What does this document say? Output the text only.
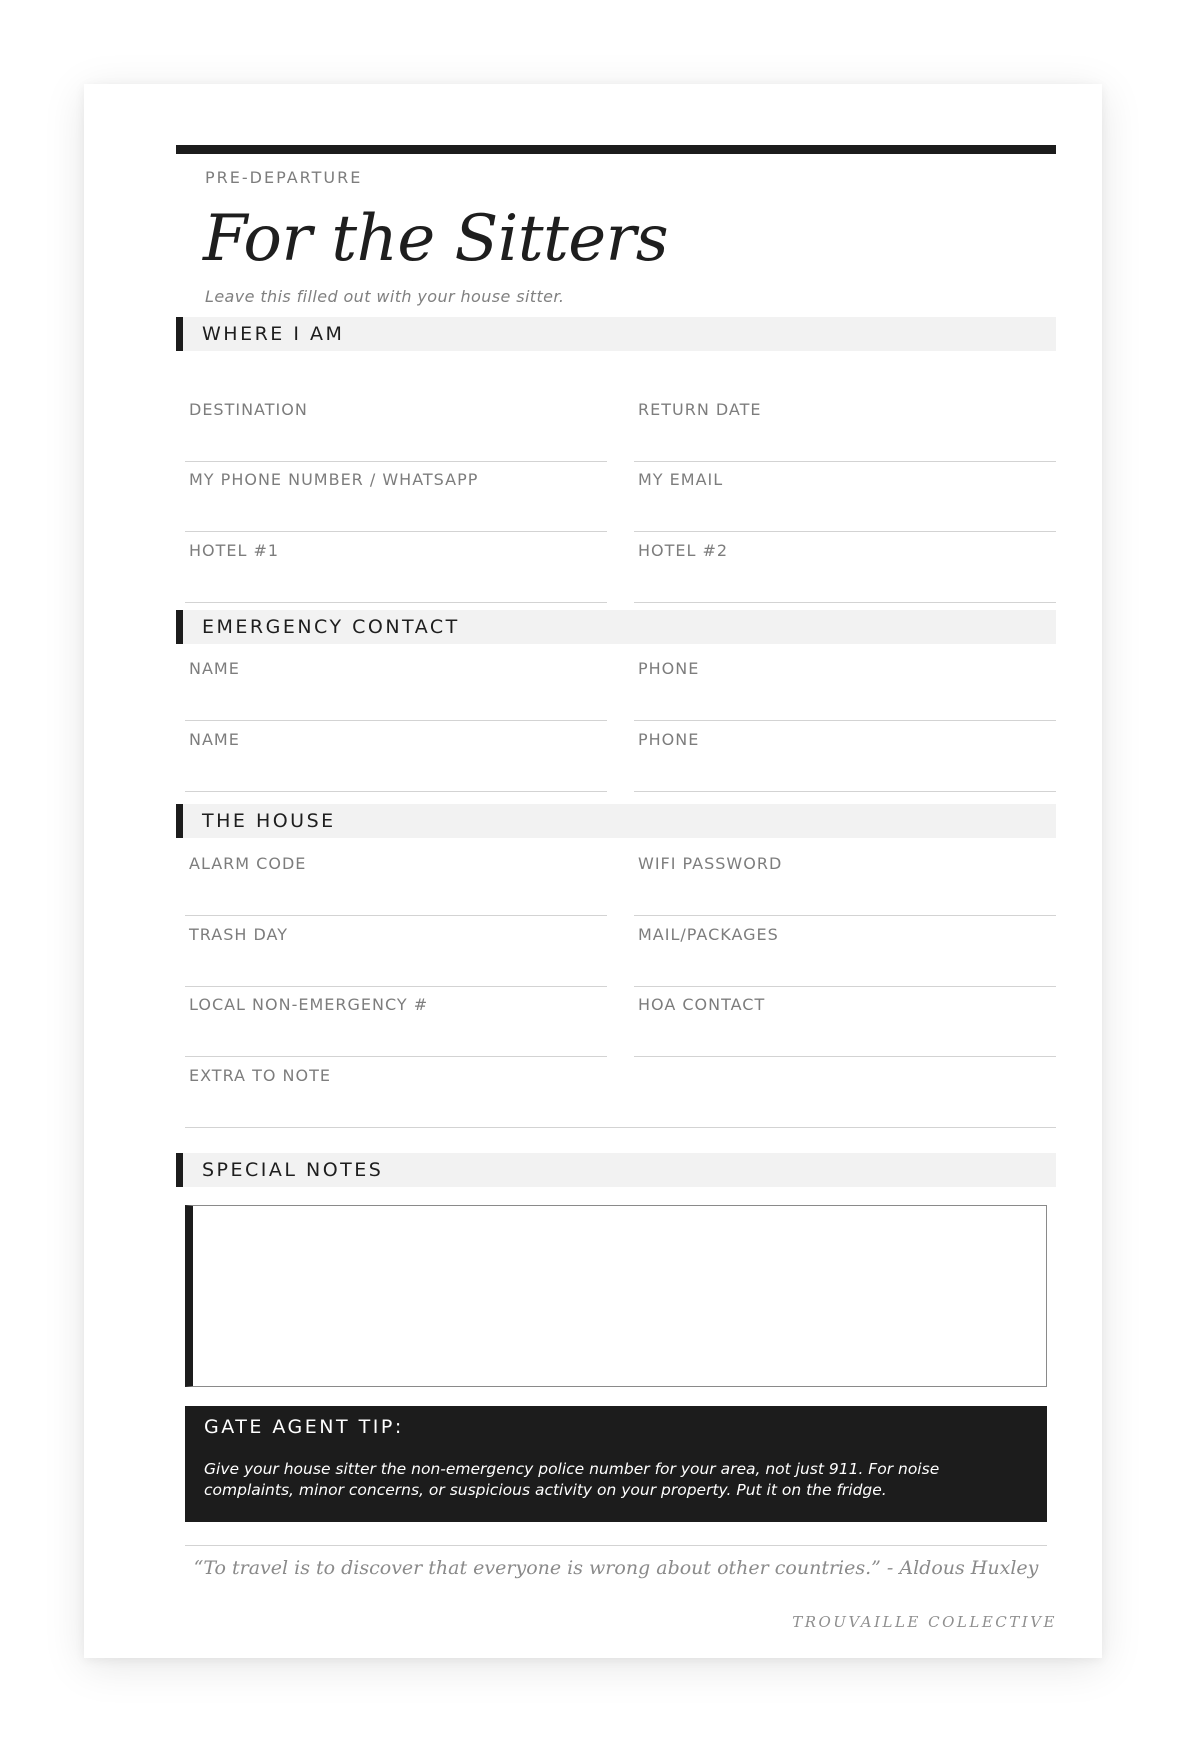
PRE-DEPARTURE
For the Sitters
Leave this filled out with your house sitter.
WHERE I AM
DESTINATION	RETURN DATE
MY PHONE NUMBER / WHATSAPP	MY EMAIL
HOTEL #1	HOTEL #2
EMERGENCY CONTACT
NAME	PHONE
NAME	PHONE
THE HOUSE
ALARM CODE	WIFI PASSWORD
TRASH DAY	MAIL/PACKAGES
LOCAL NON-EMERGENCY #	HOA CONTACT
EXTRA TO NOTE
SPECIAL NOTES
GATE AGENT TIP:
Give your house sitter the non-emergency police number for your area, not just 911. For noise complaints, minor concerns, or suspicious activity on your property. Put it on the fridge.
“To travel is to discover that everyone is wrong about other countries.” - Aldous Huxley
TROUVAILLE COLLECTIVE
